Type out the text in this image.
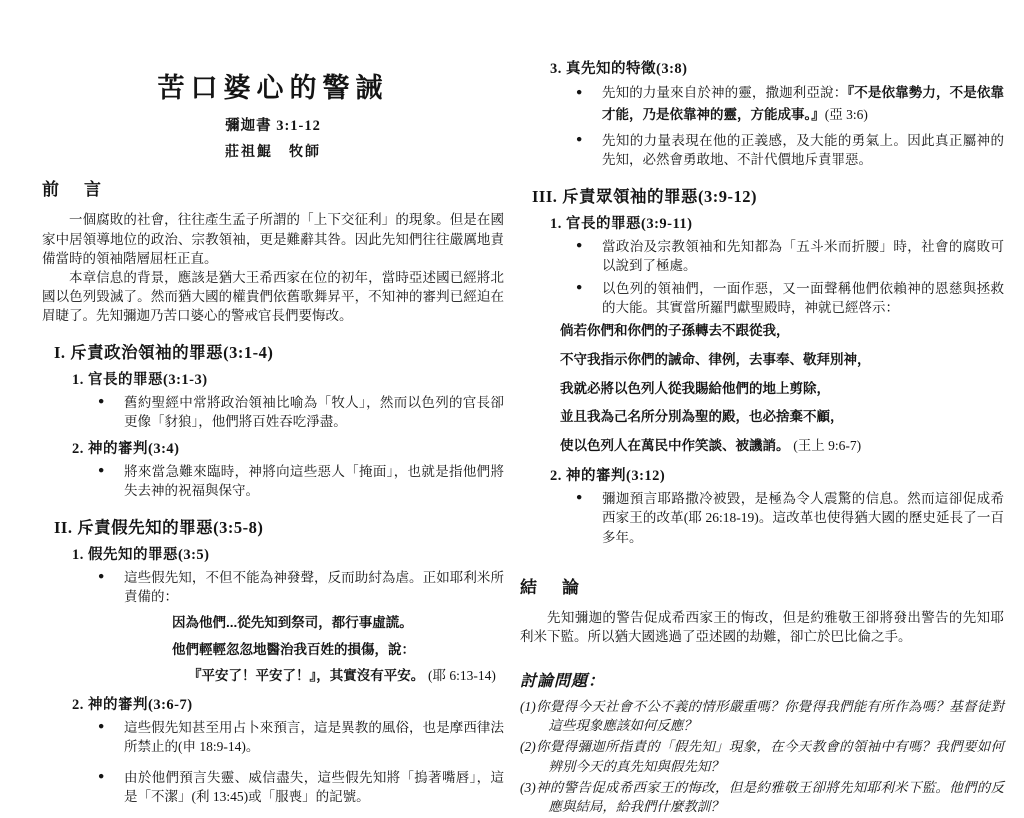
苦口婆心的警誡
彌迦書 3:1-12
莊祖鯤　牧師
前　言

一個腐敗的社會，往往產生孟子所謂的「上下交征利」的現象。但是在國家中居領導地位的政治、宗教領袖，更是難辭其咎。因此先知們往往嚴厲地責備當時的領袖階層屈枉正直。

本章信息的背景，應該是猶大王希西家在位的初年，當時亞述國已經將北國以色列毀滅了。然而猶大國的權貴們依舊歌舞昇平，不知神的審判已經迫在眉睫了。先知彌迦乃苦口婆心的警戒官長們要悔改。

I. 斥責政治領袖的罪惡(3:1-4)
1. 官長的罪惡(3:1-3)
●	舊約聖經中常將政治領袖比喻為「牧人」，然而以色列的官長卻更像「豺狼」，他們將百姓吞吃淨盡。
2. 神的審判(3:4)
●	將來當急難來臨時，神將向這些惡人「掩面」，也就是指他們將失去神的祝福與保守。
II. 斥責假先知的罪惡(3:5-8)
1. 假先知的罪惡(3:5)
●	這些假先知，不但不能為神發聲，反而助紂為虐。正如耶利米所責備的：
因為他們...從先知到祭司，都行事虛謊。
他們輕輕忽忽地醫治我百姓的損傷，說：
『平安了！平安了！』，其實沒有平安。 (耶 6:13-14)
2. 神的審判(3:6-7)
●	這些假先知甚至用占卜來預言，這是異教的風俗，也是摩西律法所禁止的(申 18:9-14)。
●	由於他們預言失靈、威信盡失，這些假先知將「摀著嘴唇」，這是「不潔」(利 13:45)或「服喪」的記號。
3. 真先知的特徵(3:8)
●	先知的力量來自於神的靈，撒迦利亞說：『不是依靠勢力，不是依靠才能，乃是依靠神的靈，方能成事。』(亞 3:6)
●	先知的力量表現在他的正義感，及大能的勇氣上。因此真正屬神的先知，必然會勇敢地、不計代價地斥責罪惡。
III. 斥責眾領袖的罪惡(3:9-12)
1. 官長的罪惡(3:9-11)
●	當政治及宗教領袖和先知都為「五斗米而折腰」時，社會的腐敗可以說到了極處。
●	以色列的領袖們，一面作惡，又一面聲稱他們依賴神的恩慈與拯救的大能。其實當所羅門獻聖殿時，神就已經啓示：
倘若你們和你們的子孫轉去不跟從我，
不守我指示你們的誡命、律例，去事奉、敬拜別神，
我就必將以色列人從我賜給他們的地上剪除，
並且我為己名所分別為聖的殿，也必捨棄不顧，
使以色列人在萬民中作笑談、被譏誚。 (王上 9:6-7)
2. 神的審判(3:12)
●	彌迦預言耶路撒冷被毀，是極為令人震驚的信息。然而這卻促成希西家王的改革(耶 26:18-19)。這改革也使得猶大國的歷史延長了一百多年。
結　論

先知彌迦的警告促成希西家王的悔改，但是約雅敬王卻將發出警告的先知耶利米下監。所以猶大國逃過了亞述國的劫難，卻亡於巴比倫之手。

討論問題：

(1)你覺得今天社會不公不義的情形嚴重嗎？你覺得我們能有所作為嗎？基督徒對這些現象應該如何反應？

(2)你覺得彌迦所指責的「假先知」現象，在今天教會的領袖中有嗎？我們要如何辨別今天的真先知與假先知？

(3)神的警告促成希西家王的悔改，但是約雅敬王卻將先知耶利米下監。他們的反應與結局，給我們什麼教訓？
